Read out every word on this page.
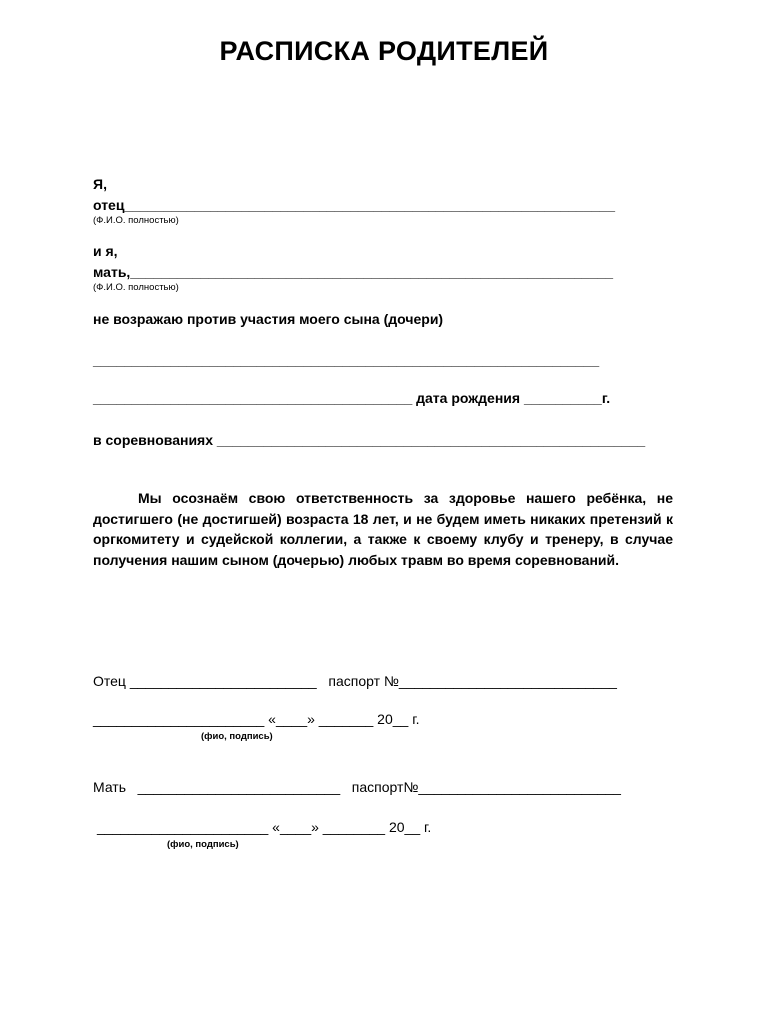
РАСПИСКА РОДИТЕЛЕЙ
Я,
отец_______________________________________________________________
(Ф.И.О. полностью)
и я,
мать,______________________________________________________________
(Ф.И.О. полностью)
не возражаю против участия моего сына (дочери)
_________________________________________________________________
_________________________________________ дата рождения __________г.
в соревнованиях _______________________________________________________

Мы осознаём свою ответственность за здоровье нашего ребёнка, не достигшего (не достигшей) возраста 18 лет, и не будем иметь никаких претензий к оргкомитету и судейской коллегии, а также к своему клубу и тренеру, в случае получения нашим сыном (дочерью) любых травм во время соревнований.

Отец ________________________   паспорт №____________________________
______________________ «____» _______ 20__ г.
(фио, подпись)
Мать   __________________________   паспорт№__________________________
______________________ «____» ________ 20__ г.
(фио, подпись)
